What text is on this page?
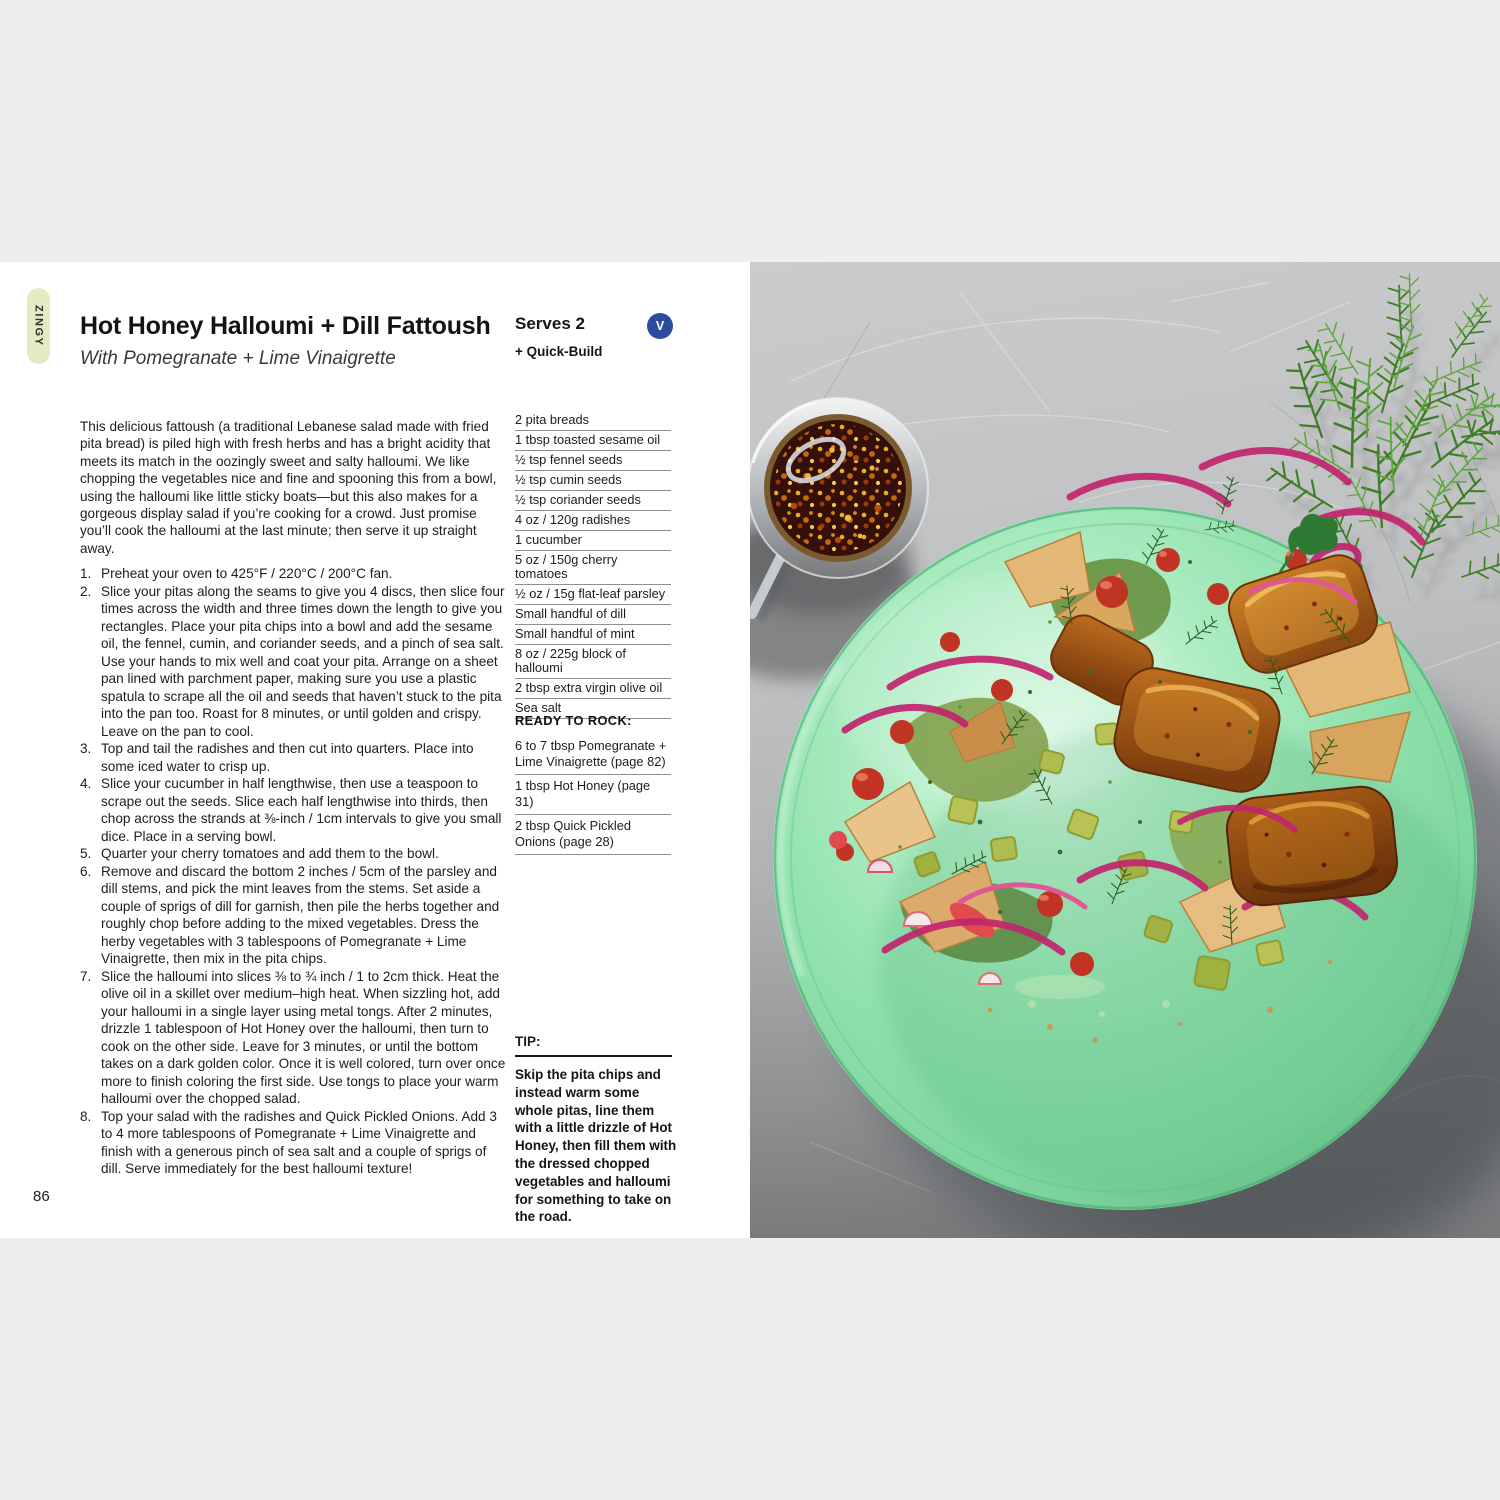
ZINGY Hot Honey Halloumi + Dill Fattoush

With Pomegranate + Lime Vinaigrette

Serves 2
+ Quick-Build
V

This delicious fattoush (a traditional Lebanese salad made with fried pita bread) is piled high with fresh herbs and has a bright acidity that meets its match in the oozingly sweet and salty halloumi. We like chopping the vegetables nice and fine and spooning this from a bowl, using the halloumi like little sticky boats—but this also makes for a gorgeous display salad if you’re cooking for a crowd. Just promise you’ll cook the halloumi at the last minute; then serve it up straight away.

1. Preheat your oven to 425°F / 220°C / 200°C fan.

2. Slice your pitas along the seams to give you 4 discs, then slice four times across the width and three times down the length to give you rectangles. Place your pita chips into a bowl and add the sesame oil, the fennel, cumin, and coriander seeds, and a pinch of sea salt. Use your hands to mix well and coat your pita. Arrange on a sheet pan lined with parchment paper, making sure you use a plastic spatula to scrape all the oil and seeds that haven’t stuck to the pita into the pan too. Roast for 8 minutes, or until golden and crispy. Leave on the pan to cool.

3. Top and tail the radishes and then cut into quarters. Place into some iced water to crisp up.

4. Slice your cucumber in half lengthwise, then use a teaspoon to scrape out the seeds. Slice each half lengthwise into thirds, then chop across the strands at ⅜-inch / 1cm intervals to give you small dice. Place in a serving bowl.

5. Quarter your cherry tomatoes and add them to the bowl.

6. Remove and discard the bottom 2 inches / 5cm of the parsley and dill stems, and pick the mint leaves from the stems. Set aside a couple of sprigs of dill for garnish, then pile the herbs together and roughly chop before adding to the mixed vegetables. Dress the herby vegetables with 3 tablespoons of Pomegranate + Lime Vinaigrette, then mix in the pita chips.

7. Slice the halloumi into slices ⅜ to ¾ inch / 1 to 2cm thick. Heat the olive oil in a skillet over medium–high heat. When sizzling hot, add your halloumi in a single layer using metal tongs. After 2 minutes, drizzle 1 tablespoon of Hot Honey over the halloumi, then turn to cook on the other side. Leave for 3 minutes, or until the bottom takes on a dark golden color. Once it is well colored, turn over once more to finish coloring the first side. Use tongs to place your warm halloumi over the chopped salad.

8. Top your salad with the radishes and Quick Pickled Onions. Add 3 to 4 more tablespoons of Pomegranate + Lime Vinaigrette and finish with a generous pinch of sea salt and a couple of sprigs of dill. Serve immediately for the best halloumi texture!

2 pita breads
1 tbsp toasted sesame oil
½ tsp fennel seeds
½ tsp cumin seeds
½ tsp coriander seeds
4 oz / 120g radishes
1 cucumber
5 oz / 150g cherry tomatoes
½ oz / 15g flat-leaf parsley
Small handful of dill
Small handful of mint
8 oz / 225g block of halloumi
2 tbsp extra virgin olive oil
Sea salt

READY TO ROCK:

6 to 7 tbsp Pomegranate + Lime Vinaigrette (page 82)
1 tbsp Hot Honey (page 31)
2 tbsp Quick Pickled Onions (page 28)

TIP:

Skip the pita chips and instead warm some whole pitas, line them with a little drizzle of Hot Honey, then fill them with the dressed chopped vegetables and halloumi for something to take on the road.

86
